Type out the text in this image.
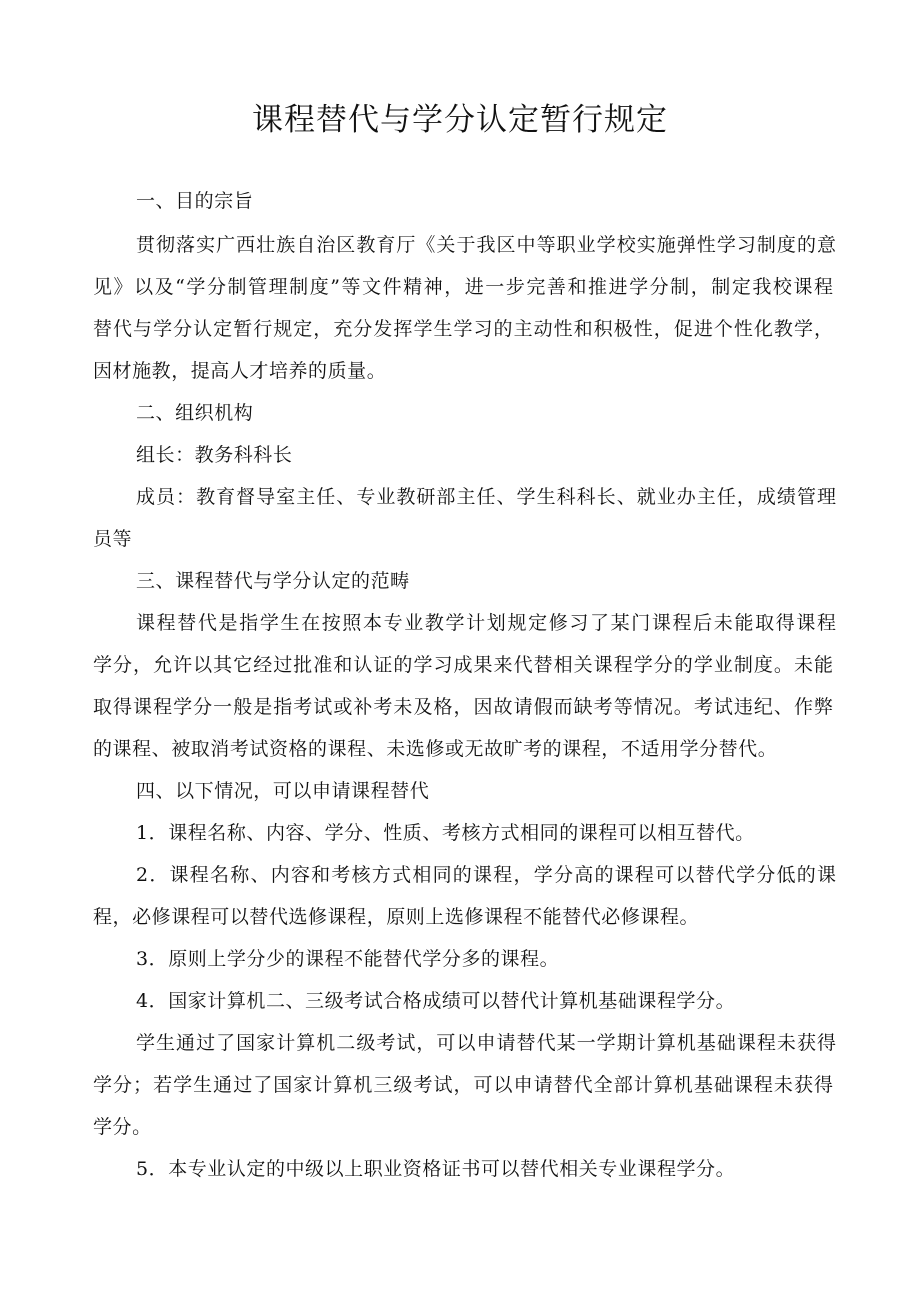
课程替代与学分认定暂行规定
一、目的宗旨
贯彻落实广西壮族自治区教育厅《关于我区中等职业学校实施弹性学习制度的意
见》以及“学分制管理制度”等文件精神，进一步完善和推进学分制，制定我校课程
替代与学分认定暂行规定，充分发挥学生学习的主动性和积极性，促进个性化教学，
因材施教，提高人才培养的质量。
二、组织机构
组长：教务科科长
成员：教育督导室主任、专业教研部主任、学生科科长、就业办主任，成绩管理
员等
三、课程替代与学分认定的范畴
课程替代是指学生在按照本专业教学计划规定修习了某门课程后未能取得课程
学分，允许以其它经过批准和认证的学习成果来代替相关课程学分的学业制度。未能
取得课程学分一般是指考试或补考未及格，因故请假而缺考等情况。考试违纪、作弊
的课程、被取消考试资格的课程、未选修或无故旷考的课程，不适用学分替代。
四、以下情况，可以申请课程替代
1．课程名称、内容、学分、性质、考核方式相同的课程可以相互替代。
2．课程名称、内容和考核方式相同的课程，学分高的课程可以替代学分低的课
程，必修课程可以替代选修课程，原则上选修课程不能替代必修课程。
3．原则上学分少的课程不能替代学分多的课程。
4．国家计算机二、三级考试合格成绩可以替代计算机基础课程学分。
学生通过了国家计算机二级考试，可以申请替代某一学期计算机基础课程未获得
学分；若学生通过了国家计算机三级考试，可以申请替代全部计算机基础课程未获得
学分。
5．本专业认定的中级以上职业资格证书可以替代相关专业课程学分。
